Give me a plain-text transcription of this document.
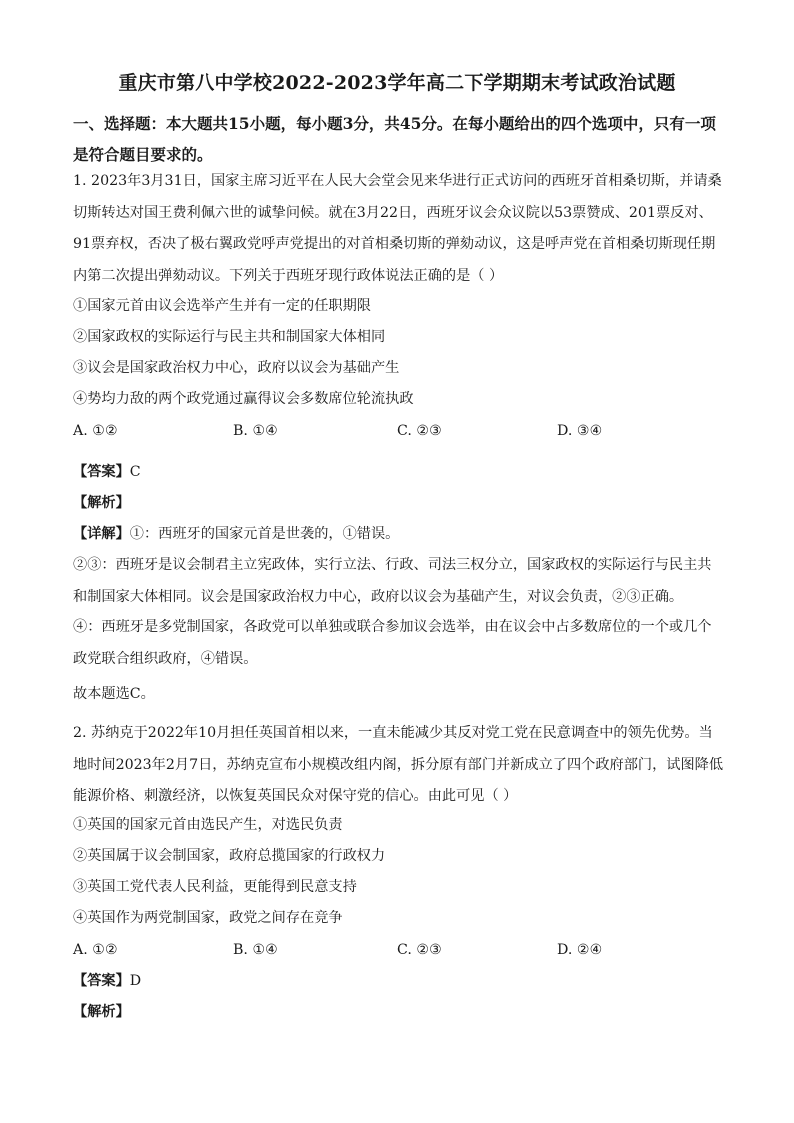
重庆市第八中学校2022-2023学年高二下学期期末考试政治试题
一、选择题：本大题共15小题，每小题3分，共45分。在每小题给出的四个选项中，只有一项是符合题目要求的。
1. 2023年3月31日，国家主席习近平在人民大会堂会见来华进行正式访问的西班牙首相桑切斯，并请桑切斯转达对国王费利佩六世的诚挚问候。就在3月22日，西班牙议会众议院以53票赞成、201票反对、91票弃权，否决了极右翼政党呼声党提出的对首相桑切斯的弹劾动议，这是呼声党在首相桑切斯现任期内第二次提出弹劾动议。下列关于西班牙现行政体说法正确的是（ ）
①国家元首由议会选举产生并有一定的任职期限
②国家政权的实际运行与民主共和制国家大体相同
③议会是国家政治权力中心，政府以议会为基础产生
④势均力敌的两个政党通过赢得议会多数席位轮流执政
A. ①②	B. ①④	C. ②③	D. ③④
【答案】C
【解析】
【详解】①：西班牙的国家元首是世袭的，①错误。
②③：西班牙是议会制君主立宪政体，实行立法、行政、司法三权分立，国家政权的实际运行与民主共和制国家大体相同。议会是国家政治权力中心，政府以议会为基础产生，对议会负责，②③正确。
④：西班牙是多党制国家，各政党可以单独或联合参加议会选举，由在议会中占多数席位的一个或几个政党联合组织政府，④错误。
故本题选C。
2. 苏纳克于2022年10月担任英国首相以来，一直未能减少其反对党工党在民意调查中的领先优势。当地时间2023年2月7日，苏纳克宣布小规模改组内阁，拆分原有部门并新成立了四个政府部门，试图降低能源价格、刺激经济，以恢复英国民众对保守党的信心。由此可见（ ）
①英国的国家元首由选民产生，对选民负责
②英国属于议会制国家，政府总揽国家的行政权力
③英国工党代表人民利益，更能得到民意支持
④英国作为两党制国家，政党之间存在竞争
A. ①②	B. ①④	C. ②③	D. ②④
【答案】D
【解析】
